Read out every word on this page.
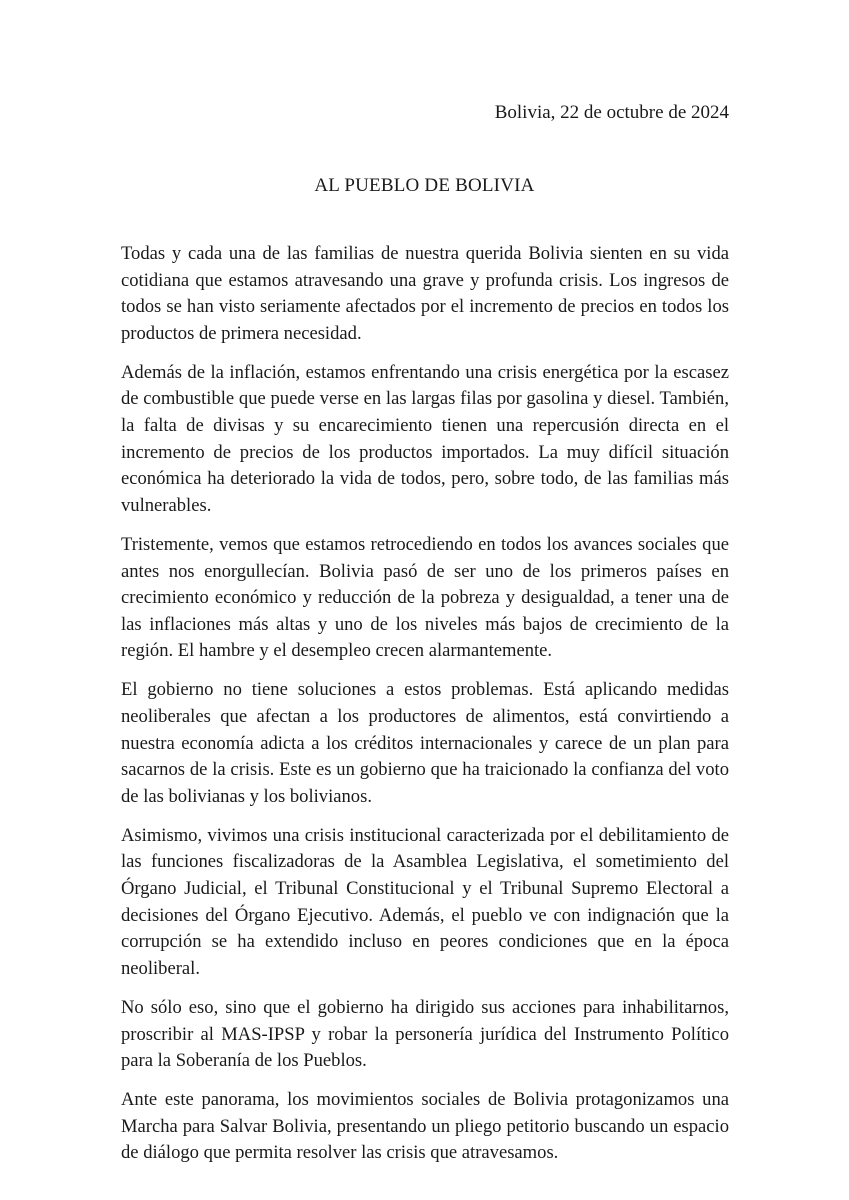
Bolivia, 22 de octubre de 2024
AL PUEBLO DE BOLIVIA

Todas y cada una de las familias de nuestra querida Bolivia sienten en su vida cotidiana que estamos atravesando una grave y profunda crisis. Los ingresos de todos se han visto seriamente afectados por el incremento de precios en todos los productos de primera necesidad.

Además de la inflación, estamos enfrentando una crisis energética por la escasez de combustible que puede verse en las largas filas por gasolina y diesel. También, la falta de divisas y su encarecimiento tienen una repercusión directa en el incremento de precios de los productos importados. La muy difícil situación económica ha deteriorado la vida de todos, pero, sobre todo, de las familias más vulnerables.

Tristemente, vemos que estamos retrocediendo en todos los avances sociales que antes nos enorgullecían. Bolivia pasó de ser uno de los primeros países en crecimiento económico y reducción de la pobreza y desigualdad, a tener una de las inflaciones más altas y uno de los niveles más bajos de crecimiento de la región. El hambre y el desempleo crecen alarmantemente.

El gobierno no tiene soluciones a estos problemas. Está aplicando medidas neoliberales que afectan a los productores de alimentos, está convirtiendo a nuestra economía adicta a los créditos internacionales y carece de un plan para sacarnos de la crisis. Este es un gobierno que ha traicionado la confianza del voto de las bolivianas y los bolivianos.

Asimismo, vivimos una crisis institucional caracterizada por el debilitamiento de las funciones fiscalizadoras de la Asamblea Legislativa, el sometimiento del Órgano Judicial, el Tribunal Constitucional y el Tribunal Supremo Electoral a decisiones del Órgano Ejecutivo. Además, el pueblo ve con indignación que la corrupción se ha extendido incluso en peores condiciones que en la época neoliberal.

No sólo eso, sino que el gobierno ha dirigido sus acciones para inhabilitarnos, proscribir al MAS-IPSP y robar la personería jurídica del Instrumento Político para la Soberanía de los Pueblos.

Ante este panorama, los movimientos sociales de Bolivia protagonizamos una Marcha para Salvar Bolivia, presentando un pliego petitorio buscando un espacio de diálogo que permita resolver las crisis que atravesamos.
